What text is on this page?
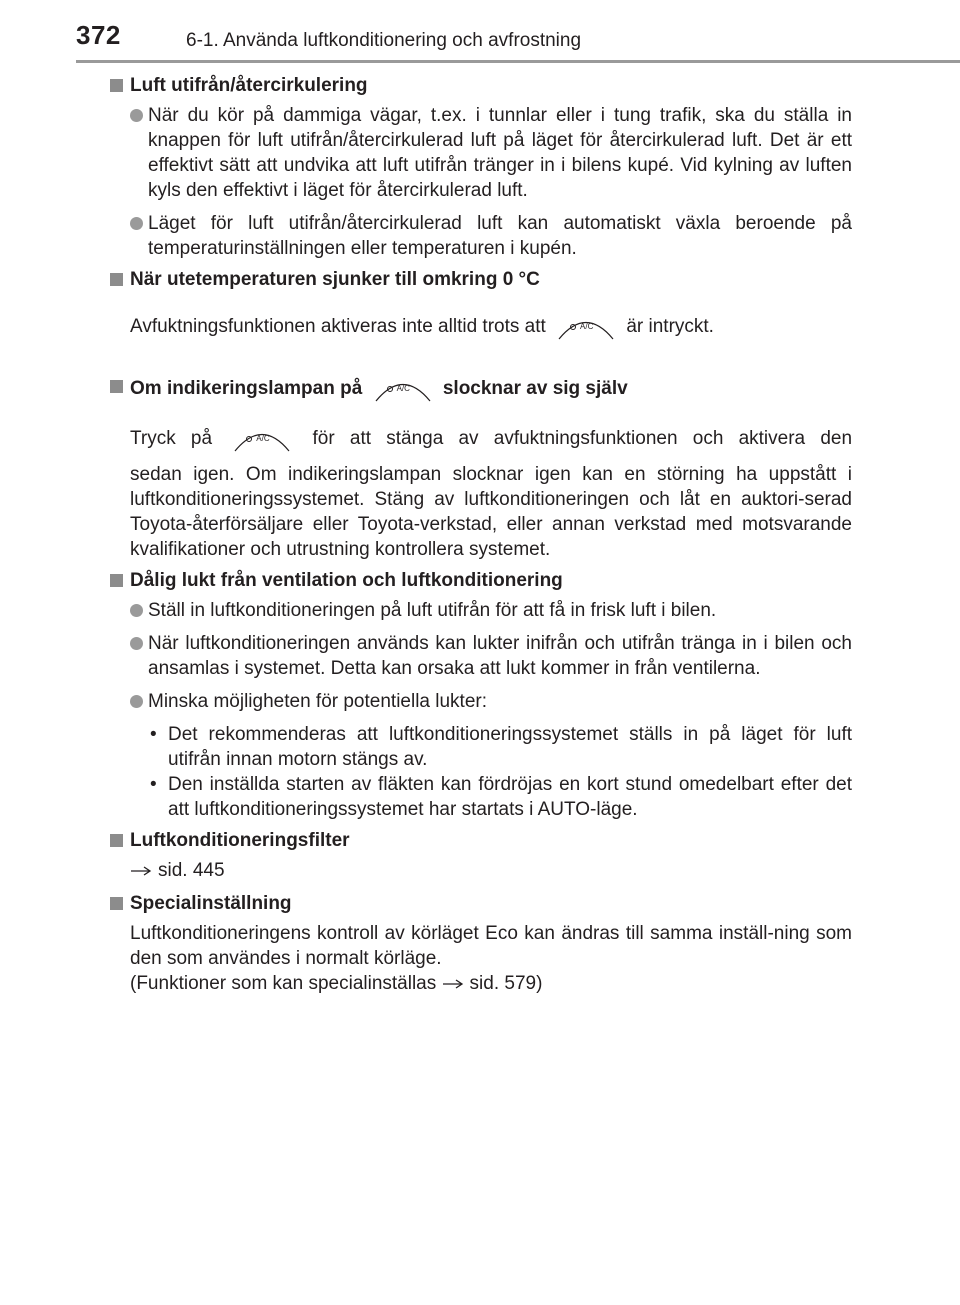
372	6-1. Använda luftkonditionering och avfrostning
Luft utifrån/återcirkulering
När du kör på dammiga vägar, t.ex. i tunnlar eller i tung trafik, ska du ställa in knappen för luft utifrån/återcirkulerad luft på läget för återcirkulerad luft. Det är ett effektivt sätt att undvika att luft utifrån tränger in i bilens kupé. Vid kylning av luften kyls den effektivt i läget för återcirkulerad luft.
Läget för luft utifrån/återcirkulerad luft kan automatiskt växla beroende på temperaturinställningen eller temperaturen i kupén.
När utetemperaturen sjunker till omkring 0 °C
Avfuktningsfunktionen aktiveras inte alltid trots att	A/C är intryckt.
Om indikeringslampan på	A/C slocknar av sig själv
Tryck på	A/C för att stänga av avfuktningsfunktionen och aktivera den
sedan igen. Om indikeringslampan slocknar igen kan en störning ha uppstått i luftkonditioneringssystemet. Stäng av luftkonditioneringen och låt en auktori-serad Toyota-återförsäljare eller Toyota-verkstad, eller annan verkstad med motsvarande kvalifikationer och utrustning kontrollera systemet.
Dålig lukt från ventilation och luftkonditionering
Ställ in luftkonditioneringen på luft utifrån för att få in frisk luft i bilen.
När luftkonditioneringen används kan lukter inifrån och utifrån tränga in i bilen och ansamlas i systemet. Detta kan orsaka att lukt kommer in från ventilerna.
Minska möjligheten för potentiella lukter:
• Det rekommenderas att luftkonditioneringssystemet ställs in på läget för luft utifrån innan motorn stängs av.
• Den inställda starten av fläkten kan fördröjas en kort stund omedelbart efter det att luftkonditioneringssystemet har startats i AUTO-läge.
Luftkonditioneringsfilter
sid. 445
Specialinställning
Luftkonditioneringens kontroll av körläget Eco kan ändras till samma inställ-ning som den som användes i normalt körläge.
(Funktioner som kan specialinställas sid. 579)
